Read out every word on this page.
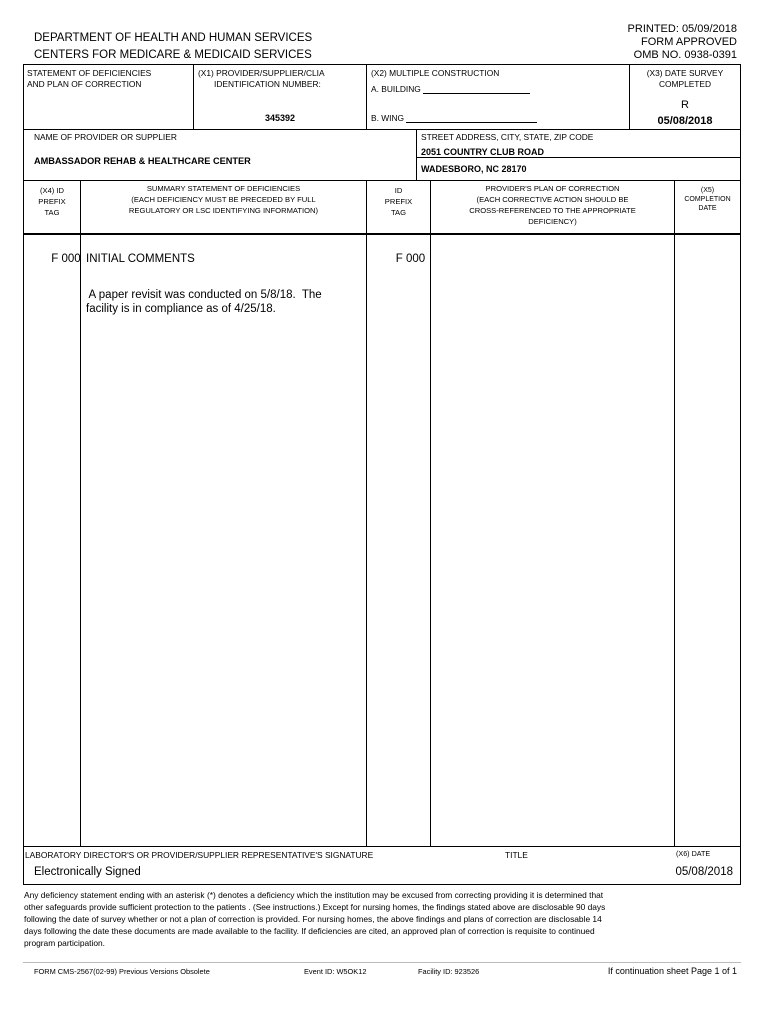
DEPARTMENT OF HEALTH AND HUMAN SERVICES
CENTERS FOR MEDICARE & MEDICAID SERVICES
PRINTED: 05/09/2018
FORM APPROVED
OMB NO. 0938-0391
STATEMENT OF DEFICIENCIES
AND PLAN OF CORRECTION
(X1) PROVIDER/SUPPLIER/CLIA
IDENTIFICATION NUMBER:
345392
(X2) MULTIPLE CONSTRUCTION
A. BUILDING
B. WING
(X3) DATE SURVEY
COMPLETED
R
05/08/2018
NAME OF PROVIDER OR SUPPLIER
AMBASSADOR REHAB & HEALTHCARE CENTER
STREET ADDRESS, CITY, STATE, ZIP CODE
2051 COUNTRY CLUB ROAD
WADESBORO, NC 28170
(X4) ID
PREFIX
TAG
SUMMARY STATEMENT OF DEFICIENCIES
(EACH DEFICIENCY MUST BE PRECEDED BY FULL
REGULATORY OR LSC IDENTIFYING INFORMATION)
ID
PREFIX
TAG
PROVIDER'S PLAN OF CORRECTION
(EACH CORRECTIVE ACTION SHOULD BE
CROSS-REFERENCED TO THE APPROPRIATE
DEFICIENCY)
(X5)
COMPLETION
DATE
F 000 INITIAL COMMENTS
A paper revisit was conducted on 5/8/18.  The
facility is in compliance as of 4/25/18.
F 000
LABORATORY DIRECTOR'S OR PROVIDER/SUPPLIER REPRESENTATIVE'S SIGNATURE	TITLE	(X6) DATE
Electronically Signed	05/08/2018
Any deficiency statement ending with an asterisk (*) denotes a deficiency which the institution may be excused from correcting providing it is determined that
other safeguards provide sufficient protection to the patients . (See instructions.) Except for nursing homes, the findings stated above are disclosable 90 days
following the date of survey whether or not a plan of correction is provided. For nursing homes, the above findings and plans of correction are disclosable 14
days following the date these documents are made available to the facility. If deficiencies are cited, an approved plan of correction is requisite to continued
program participation.
FORM CMS-2567(02-99) Previous Versions Obsolete	Event ID: W5OK12	Facility ID: 923526	If continuation sheet Page 1 of 1
